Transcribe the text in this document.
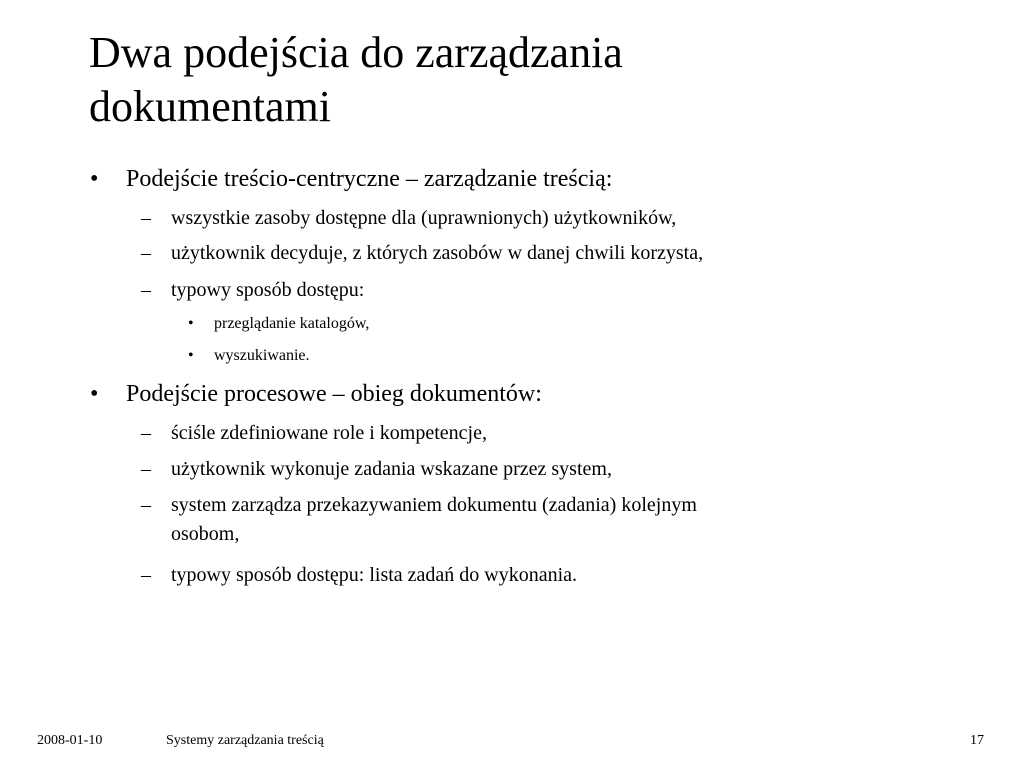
Dwa podejścia do zarządzania
dokumentami
• Podejście treścio-centryczne – zarządzanie treścią:
– wszystkie zasoby dostępne dla (uprawnionych) użytkowników,
– użytkownik decyduje, z których zasobów w danej chwili korzysta,
– typowy sposób dostępu:
• przeglądanie katalogów,
• wyszukiwanie.
• Podejście procesowe – obieg dokumentów:
– ściśle zdefiniowane role i kompetencje,
– użytkownik wykonuje zadania wskazane przez system,
– system zarządza przekazywaniem dokumentu (zadania) kolejnym
osobom,
– typowy sposób dostępu: lista zadań do wykonania.
2008-01-10	Systemy zarządzania treścią	17
